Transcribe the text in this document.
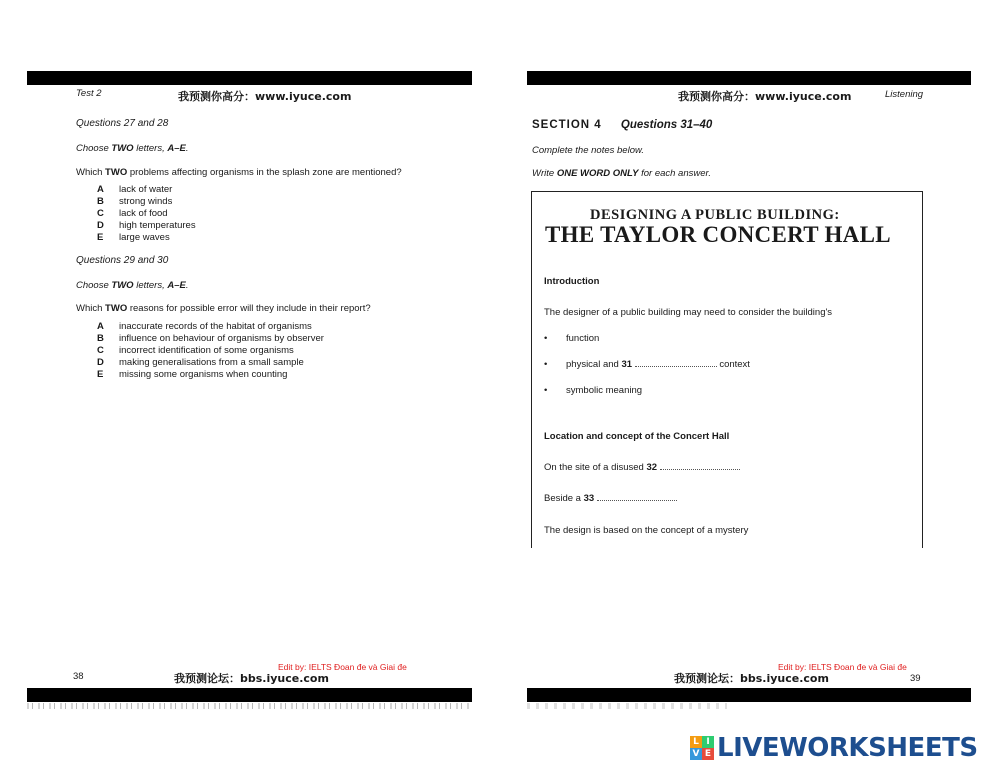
Test 2	我预测你高分：www.iyuce.com
Questions 27 and 28
Choose TWO letters, A–E.
Which TWO problems affecting organisms in the splash zone are mentioned?
A lack of water
B strong winds
C lack of food
D high temperatures
E large waves
Questions 29 and 30
Choose TWO letters, A–E.
Which TWO reasons for possible error will they include in their report?
A inaccurate records of the habitat of organisms
B influence on behaviour of organisms by observer
C incorrect identification of some organisms
D making generalisations from a small sample
E missing some organisms when counting
Edit by: IELTS Đoan đe và Giai đe
38	我预测论坛：bbs.iyuce.com
我预测你高分：www.iyuce.com	Listening
SECTION 4 Questions 31–40
Complete the notes below.
Write ONE WORD ONLY for each answer.
DESIGNING A PUBLIC BUILDING:
THE TAYLOR CONCERT HALL
Introduction
The designer of a public building may need to consider the building's
• function
• physical and 31	context
• symbolic meaning
Location and concept of the Concert Hall
On the site of a disused 32
Beside a 33
The design is based on the concept of a mystery
Edit by: IELTS Đoan đe và Giai đe
我预测论坛：bbs.iyuce.com	39
L I
V E LIVEWORKSHEETS
